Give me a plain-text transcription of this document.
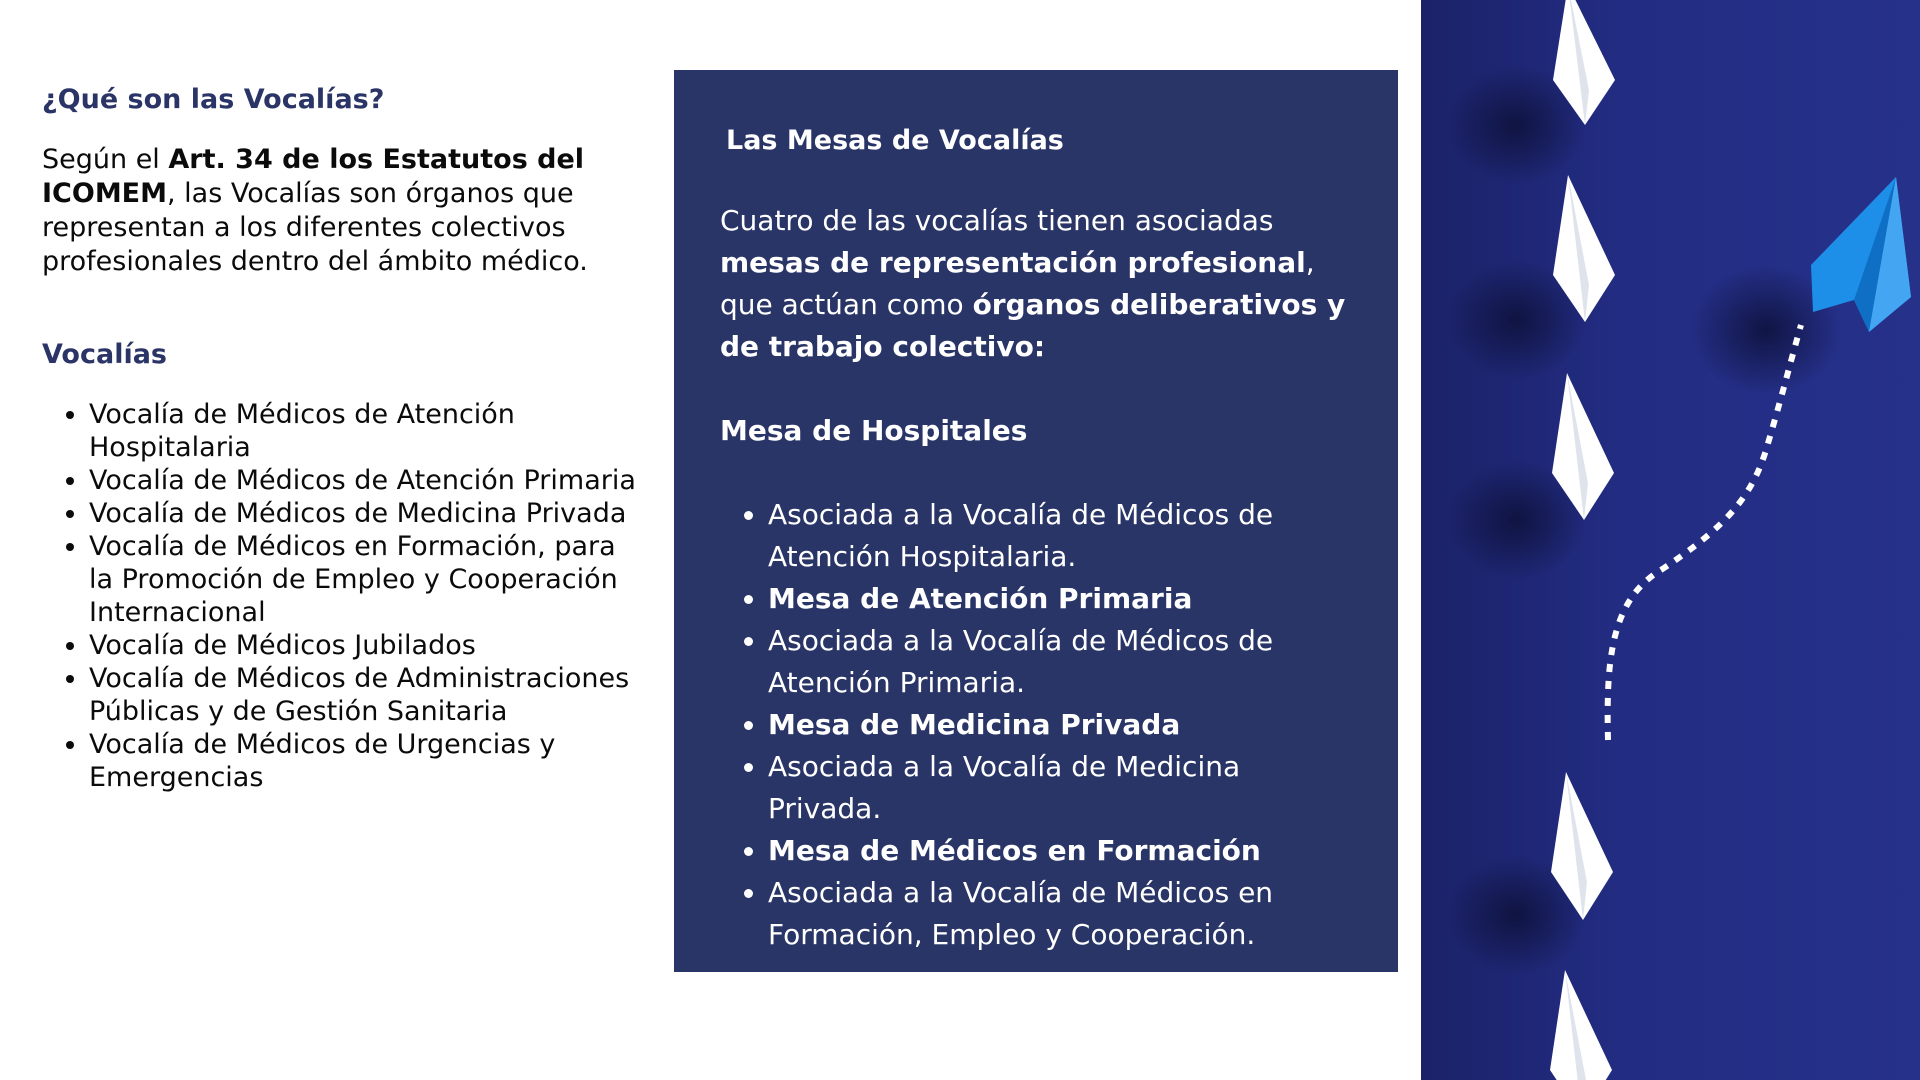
¿Qué son las Vocalías?

Según el Art. 34 de los Estatutos del ICOMEM, las Vocalías son órganos que representan a los diferentes colectivos profesionales dentro del ámbito médico.

Vocalías
• Vocalía de Médicos de Atención Hospitalaria
• Vocalía de Médicos de Atención Primaria
• Vocalía de Médicos de Medicina Privada
• Vocalía de Médicos en Formación, para la Promoción de Empleo y Cooperación Internacional
• Vocalía de Médicos Jubilados
• Vocalía de Médicos de Administraciones Públicas y de Gestión Sanitaria
• Vocalía de Médicos de Urgencias y Emergencias
Las Mesas de Vocalías

Cuatro de las vocalías tienen asociadas mesas de representación profesional, que actúan como órganos deliberativos y de trabajo colectivo:

Mesa de Hospitales

• Asociada a la Vocalía de Médicos de Atención Hospitalaria.
• Mesa de Atención Primaria
• Asociada a la Vocalía de Médicos de Atención Primaria.
• Mesa de Medicina Privada
• Asociada a la Vocalía de Medicina Privada.
• Mesa de Médicos en Formación
• Asociada a la Vocalía de Médicos en Formación, Empleo y Cooperación.
